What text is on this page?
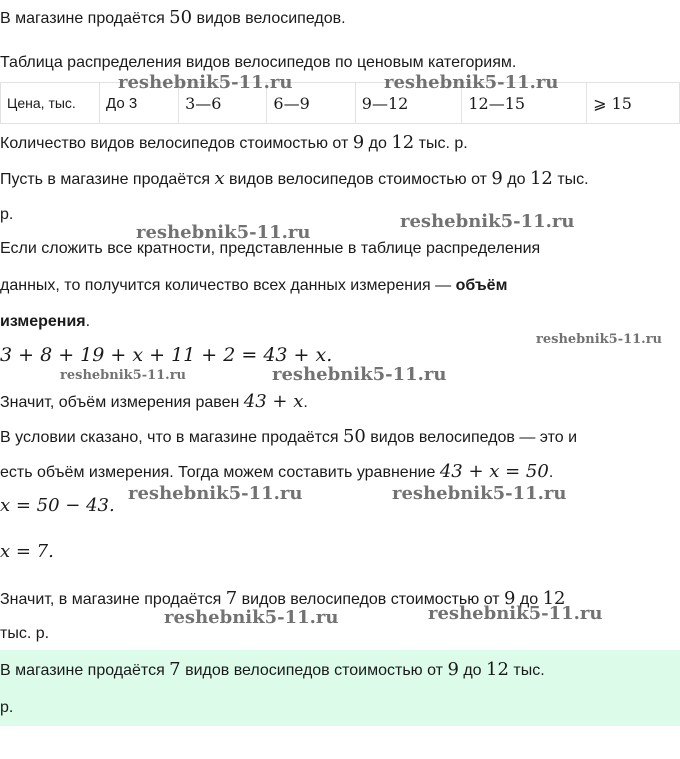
В магазине продаётся 50 видов велосипедов.
Таблица распределения видов велосипедов по ценовым категориям.
Цена, тыс.	До 3	3—6	6—9	9—12	12—15	⩾ 15
Количество видов велосипедов стоимостью от 9 до 12 тыс. р.
Пусть в магазине продаётся x видов велосипедов стоимостью от 9 до 12 тыс.
р.
Если сложить все кратности, представленные в таблице распределения
данных, то получится количество всех данных измерения — объём
измерения.
3 + 8 + 19 + x + 11 + 2 = 43 + x.
Значит, объём измерения равен 43 + x.
В условии сказано, что в магазине продаётся 50 видов велосипедов — это и
есть объём измерения. Тогда можем составить уравнение 43 + x = 50.
x = 50 − 43.
x = 7.
Значит, в магазине продаётся 7 видов велосипедов стоимостью от 9 до 12
тыс. р.
В магазине продаётся 7 видов велосипедов стоимостью от 9 до 12 тыс.
р.
reshebnik5-11.ru	reshebnik5-11.ru
reshebnik5-11.ru
reshebnik5-11.ru
reshebnik5-11.ru
reshebnik5-11.ru	reshebnik5-11.ru
reshebnik5-11.ru	reshebnik5-11.ru
reshebnik5-11.ru	reshebnik5-11.ru
